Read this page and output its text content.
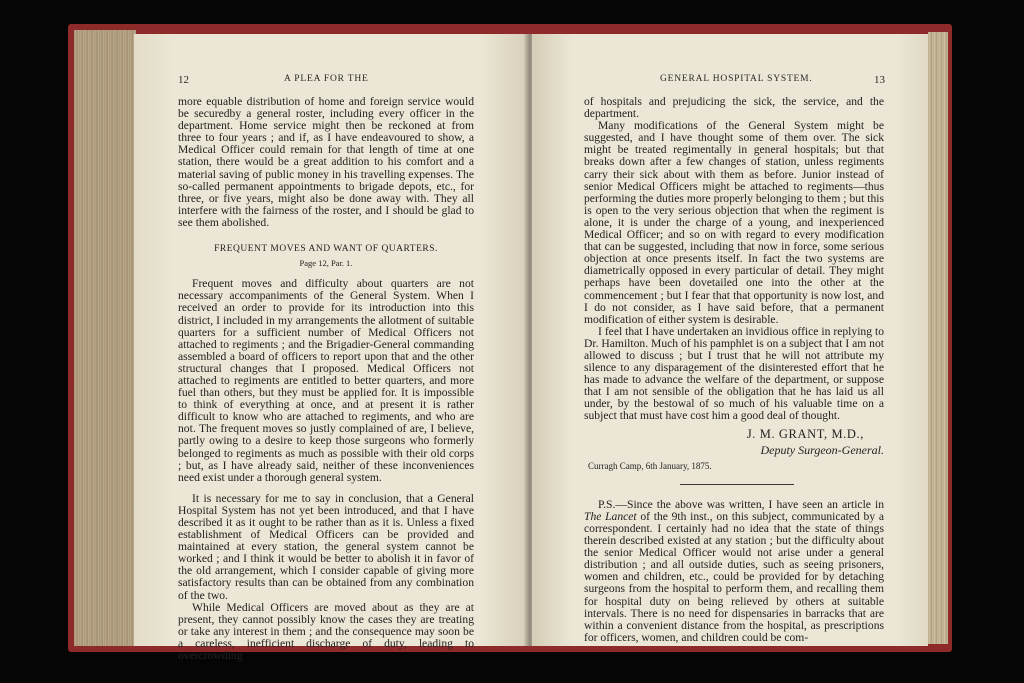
12	A PLEA FOR THE

more equable distribution of home and foreign service would be securedby a general roster, including every officer in the department. Home service might then be reckoned at from three to four years ; and if, as I have endeavoured to show, a Medical Officer could remain for that length of time at one station, there would be a great addition to his comfort and a material saving of public money in his travelling expenses. The so-called permanent appointments to brigade depots, etc., for three, or five years, might also be done away with. They all interfere with the fairness of the roster, and I should be glad to see them abolished.

FREQUENT MOVES AND WANT OF QUARTERS.
Page 12, Par. 1.

Frequent moves and difficulty about quarters are not necessary accompaniments of the General System. When I received an order to provide for its introduction into this district, I included in my arrangements the allotment of suitable quarters for a sufficient number of Medical Officers not attached to regiments ; and the Brigadier-General commanding assembled a board of officers to report upon that and the other structural changes that I proposed. Medical Officers not attached to regiments are entitled to better quarters, and more fuel than others, but they must be applied for. It is impossible to think of everything at once, and at present it is rather difficult to know who are attached to regiments, and who are not. The frequent moves so justly complained of are, I believe, partly owing to a desire to keep those surgeons who formerly belonged to regiments as much as possible with their old corps ; but, as I have already said, neither of these inconveniences need exist under a thorough general system.

It is necessary for me to say in conclusion, that a General Hospital System has not yet been introduced, and that I have described it as it ought to be rather than as it is. Unless a fixed establishment of Medical Officers can be provided and maintained at every station, the general system cannot be worked ; and I think it would be better to abolish it in favor of the old arrangement, which I consider capable of giving more satisfactory results than can be obtained from any combination of the two.

While Medical Officers are moved about as they are at present, they cannot possibly know the cases they are treating or take any interest in them ; and the consequence may soon be a careless, inefficient discharge of duty, leading to overcrowding

GENERAL HOSPITAL SYSTEM.	13

of hospitals and prejudicing the sick, the service, and the department.

Many modifications of the General System might be suggested, and I have thought some of them over. The sick might be treated regimentally in general hospitals; but that breaks down after a few changes of station, unless regiments carry their sick about with them as before. Junior instead of senior Medical Officers might be attached to regiments—thus performing the duties more properly belonging to them ; but this is open to the very serious objection that when the regiment is alone, it is under the charge of a young, and inexperienced Medical Officer; and so on with regard to every modification that can be suggested, including that now in force, some serious objection at once presents itself. In fact the two systems are diametrically opposed in every particular of detail. They might perhaps have been dovetailed one into the other at the commencement ; but I fear that that opportunity is now lost, and I do not consider, as I have said before, that a permanent modification of either system is desirable.

I feel that I have undertaken an invidious office in replying to Dr. Hamilton. Much of his pamphlet is on a subject that I am not allowed to discuss ; but I trust that he will not attribute my silence to any disparagement of the disinterested effort that he has made to advance the welfare of the department, or suppose that I am not sensible of the obligation that he has laid us all under, by the bestowal of so much of his valuable time on a subject that must have cost him a good deal of thought.

J. M. GRANT, M.D.,
Deputy Surgeon-General.
Curragh Camp, 6th January, 1875.

P.S.—Since the above was written, I have seen an article in The Lancet of the 9th inst., on this subject, communicated by a correspondent. I certainly had no idea that the state of things therein described existed at any station ; but the difficulty about the senior Medical Officer would not arise under a general distribution ; and all outside duties, such as seeing prisoners, women and children, etc., could be provided for by detaching surgeons from the hospital to perform them, and recalling them for hospital duty on being relieved by others at suitable intervals. There is no need for dispensaries in barracks that are within a convenient distance from the hospital, as prescriptions for officers, women, and children could be com-
